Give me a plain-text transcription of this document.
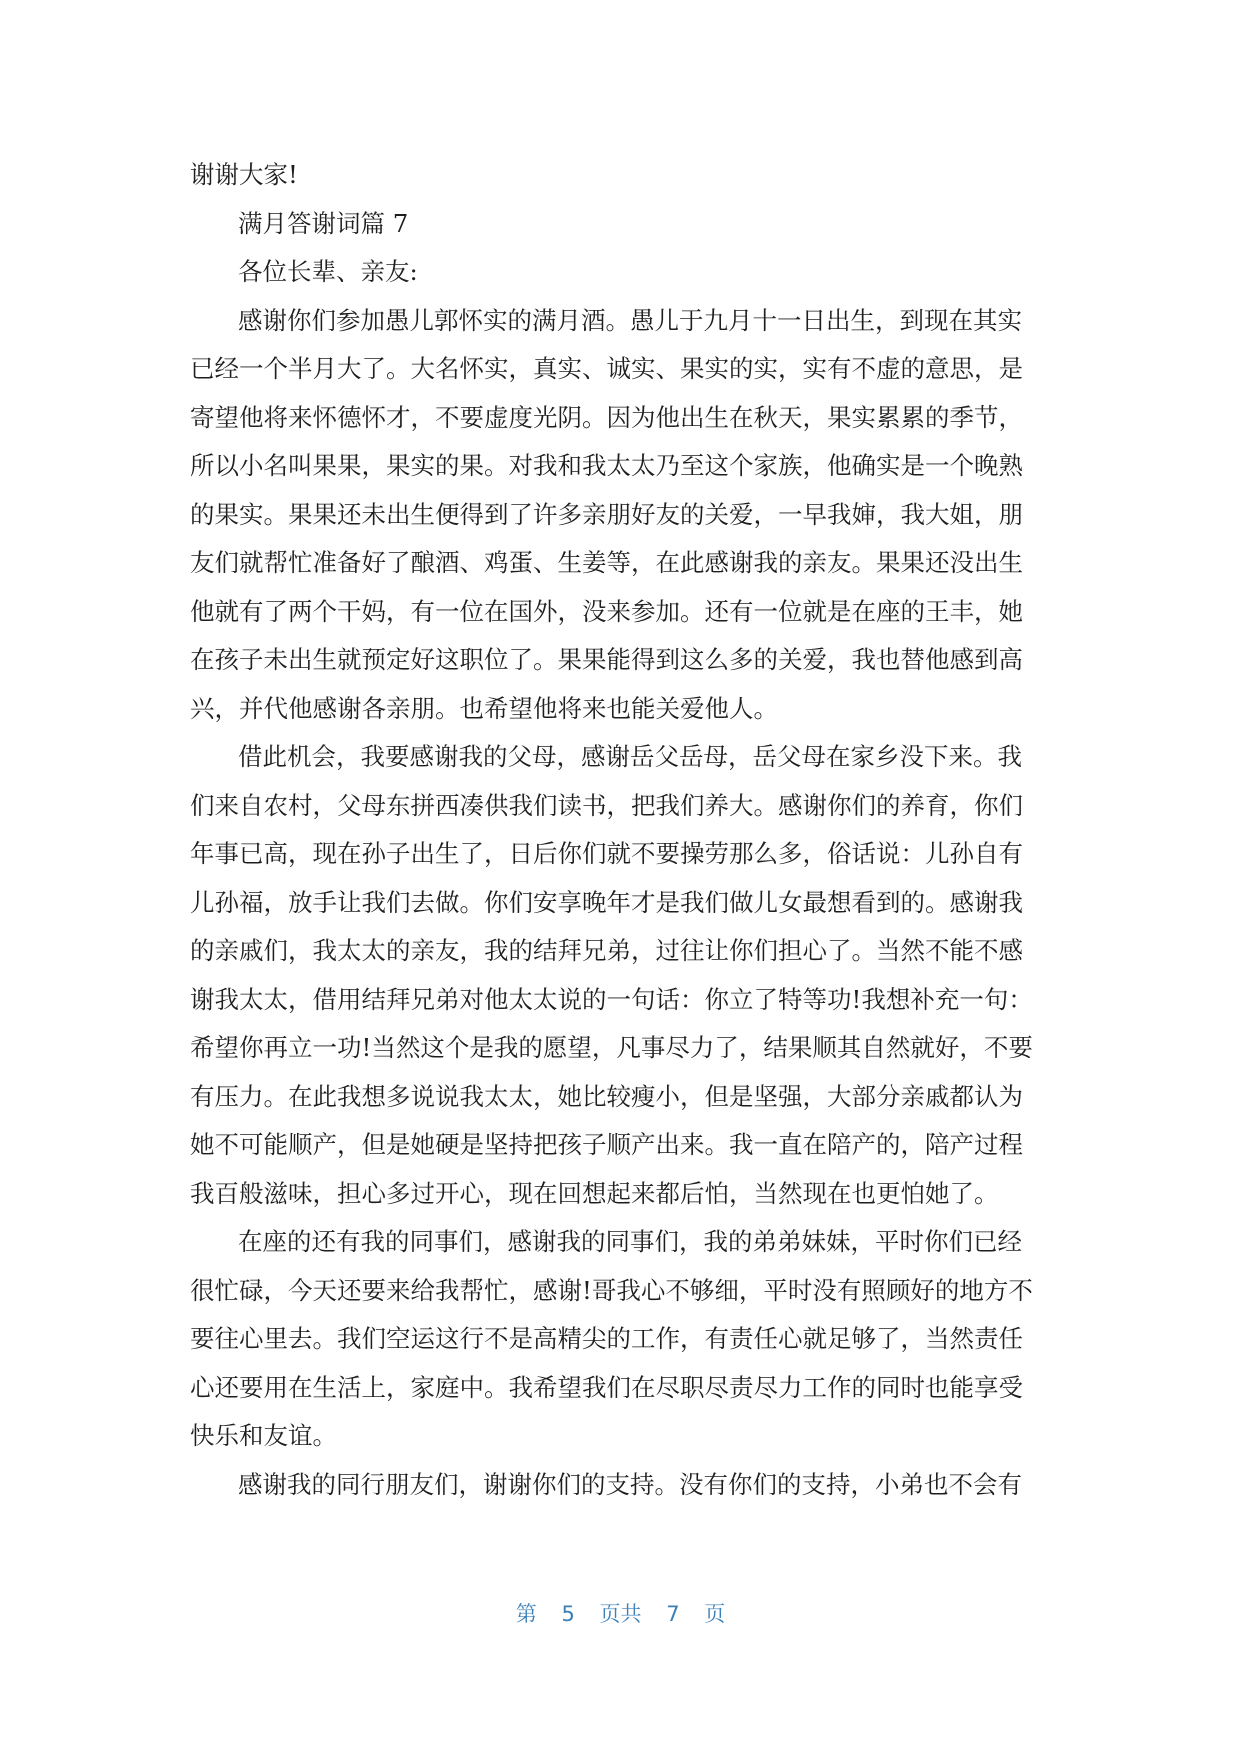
谢谢大家!
满月答谢词篇 7
各位长辈、亲友:
感谢你们参加愚儿郭怀实的满月酒。愚儿于九月十一日出生，到现在其实
已经一个半月大了。大名怀实，真实、诚实、果实的实，实有不虚的意思，是
寄望他将来怀德怀才，不要虚度光阴。因为他出生在秋天，果实累累的季节，
所以小名叫果果，果实的果。对我和我太太乃至这个家族，他确实是一个晚熟
的果实。果果还未出生便得到了许多亲朋好友的关爱，一早我婶，我大姐，朋
友们就帮忙准备好了酿酒、鸡蛋、生姜等，在此感谢我的亲友。果果还没出生
他就有了两个干妈，有一位在国外，没来参加。还有一位就是在座的王丰，她
在孩子未出生就预定好这职位了。果果能得到这么多的关爱，我也替他感到高
兴，并代他感谢各亲朋。也希望他将来也能关爱他人。
借此机会，我要感谢我的父母，感谢岳父岳母，岳父母在家乡没下来。我
们来自农村，父母东拼西凑供我们读书，把我们养大。感谢你们的养育，你们
年事已高，现在孙子出生了，日后你们就不要操劳那么多，俗话说：儿孙自有
儿孙福，放手让我们去做。你们安享晚年才是我们做儿女最想看到的。感谢我
的亲戚们，我太太的亲友，我的结拜兄弟，过往让你们担心了。当然不能不感
谢我太太，借用结拜兄弟对他太太说的一句话：你立了特等功!我想补充一句：
希望你再立一功!当然这个是我的愿望，凡事尽力了，结果顺其自然就好，不要
有压力。在此我想多说说我太太，她比较瘦小，但是坚强，大部分亲戚都认为
她不可能顺产，但是她硬是坚持把孩子顺产出来。我一直在陪产的，陪产过程
我百般滋味，担心多过开心，现在回想起来都后怕，当然现在也更怕她了。
在座的还有我的同事们，感谢我的同事们，我的弟弟妹妹，平时你们已经
很忙碌，今天还要来给我帮忙，感谢!哥我心不够细，平时没有照顾好的地方不
要往心里去。我们空运这行不是高精尖的工作，有责任心就足够了，当然责任
心还要用在生活上，家庭中。我希望我们在尽职尽责尽力工作的同时也能享受
快乐和友谊。
感谢我的同行朋友们，谢谢你们的支持。没有你们的支持，小弟也不会有
第 5 页共 7 页
